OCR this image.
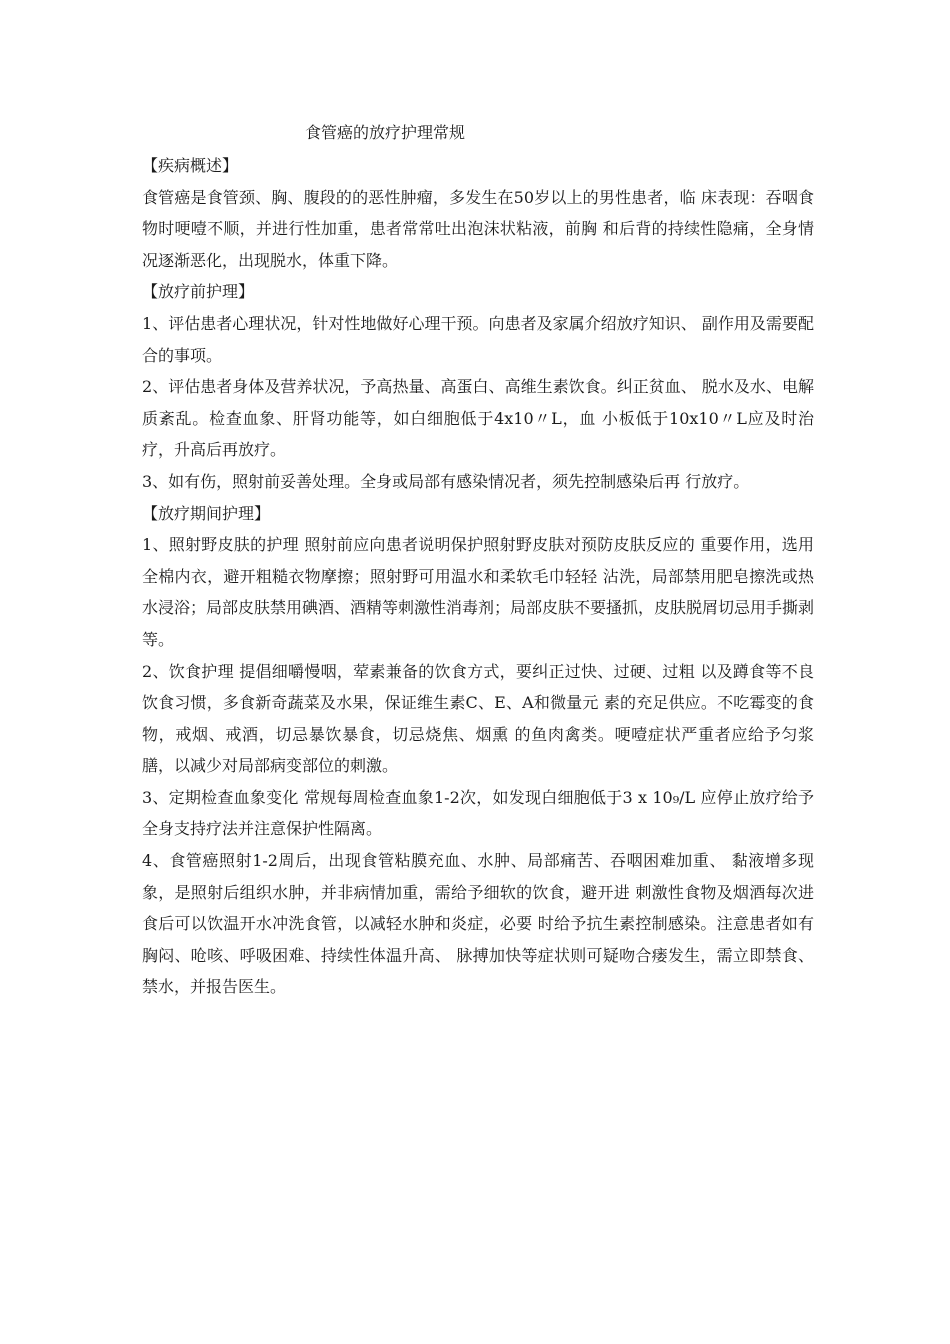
食管癌的放疗护理常规

【疾病概述】

食管癌是食管颈、胸、腹段的的恶性肿瘤，多发生在50岁以上的男性患者，临 床表现：吞咽食物时哽噎不顺，并进行性加重，患者常常吐出泡沫状粘液，前胸 和后背的持续性隐痛，全身情况逐渐恶化，出现脱水，体重下降。

【放疗前护理】

1、评估患者心理状况，针对性地做好心理干预。向患者及家属介绍放疗知识、 副作用及需要配合的事项。

2、评估患者身体及营养状况，予高热量、高蛋白、高维生素饮食。纠正贫血、 脱水及水、电解质紊乱。检查血象、肝肾功能等，如白细胞低于4x10〃L，血 小板低于10x10〃L应及时治疗，升高后再放疗。

3、如有伤，照射前妥善处理。全身或局部有感染情况者，须先控制感染后再 行放疗。

【放疗期间护理】

1、照射野皮肤的护理 照射前应向患者说明保护照射野皮肤对预防皮肤反应的 重要作用，选用全棉内衣，避开粗糙衣物摩擦；照射野可用温水和柔软毛巾轻轻 沾洗，局部禁用肥皂擦洗或热水浸浴；局部皮肤禁用碘酒、酒精等刺激性消毒剂；局部皮肤不要搔抓，皮肤脱屑切忌用手撕剥等。

2、饮食护理 提倡细嚼慢咽，荤素兼备的饮食方式，要纠正过快、过硬、过粗 以及蹲食等不良饮食习惯，多食新奇蔬菜及水果，保证维生素C、E、A和微量元 素的充足供应。不吃霉变的食物，戒烟、戒酒，切忌暴饮暴食，切忌烧焦、烟熏 的鱼肉禽类。哽噎症状严重者应给予匀浆膳，以减少对局部病变部位的刺激。

3、定期检查血象变化 常规每周检查血象1-2次，如发现白细胞低于3 x 10₉/L 应停止放疗给予全身支持疗法并注意保护性隔离。

4、食管癌照射1-2周后，出现食管粘膜充血、水肿、局部痛苦、吞咽困难加重、 黏液增多现象，是照射后组织水肿，并非病情加重，需给予细软的饮食，避开进 刺激性食物及烟酒每次进食后可以饮温开水冲洗食管，以减轻水肿和炎症，必要 时给予抗生素控制感染。注意患者如有胸闷、呛咳、呼吸困难、持续性体温升高、 脉搏加快等症状则可疑吻合瘘发生，需立即禁食、禁水，并报告医生。
